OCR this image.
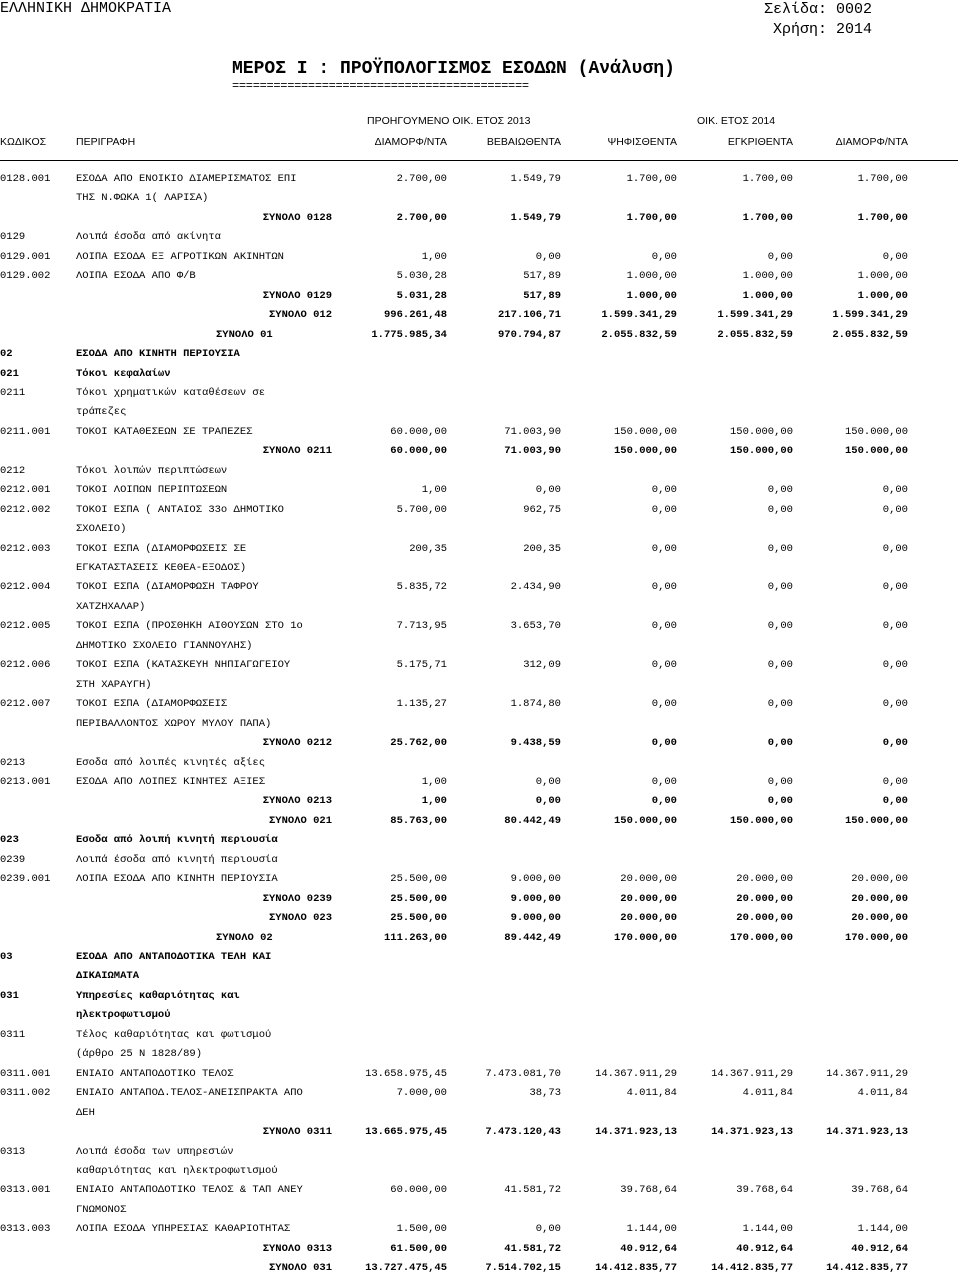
ΕΛΛΗΝΙΚΗ ΔΗΜΟΚΡΑΤΙΑ	Σελίδα: 0002
Χρήση: 2014
ΜΕΡΟΣ Ι : ΠΡΟΫΠΟΛΟΓΙΣΜΟΣ ΕΣΟΔΩΝ (Ανάλυση)
===========================================
ΠΡΟΗΓΟΥΜΕΝΟ ΟΙΚ. ΕΤΟΣ 2013	ΟΙΚ. ΕΤΟΣ 2014
ΚΩΔΙΚΟΣ	ΠΕΡΙΓΡΑΦΗ	ΔΙΑΜΟΡΦ/ΝΤΑ	ΒΕΒΑΙΩΘΕΝΤΑ	ΨΗΦΙΣΘΕΝΤΑ	ΕΓΚΡΙΘΕΝΤΑ	ΔΙΑΜΟΡΦ/ΝΤΑ
0128.001 ΕΣΟΔΑ ΑΠΟ ΕΝΟΙΚΙΟ ΔΙΑΜΕΡΙΣΜΑΤΟΣ ΕΠΙ	2.700,00	1.549,79	1.700,00	1.700,00	1.700,00
ΤΗΣ Ν.ΦΩΚΑ 1( ΛΑΡΙΣΑ)
ΣΥΝΟΛΟ 0128	2.700,00	1.549,79	1.700,00	1.700,00	1.700,00
0129	Λοιπά έσοδα από ακίνητα
0129.001 ΛΟΙΠΑ ΕΣΟΔΑ ΕΞ ΑΓΡΟΤΙΚΩΝ ΑΚΙΝΗΤΩΝ	1,00	0,00	0,00	0,00	0,00
0129.002 ΛΟΙΠΑ ΕΣΟΔΑ ΑΠΟ Φ/Β	5.030,28	517,89	1.000,00	1.000,00	1.000,00
ΣΥΝΟΛΟ 0129	5.031,28	517,89	1.000,00	1.000,00	1.000,00
ΣΥΝΟΛΟ 012	996.261,48	217.106,71	1.599.341,29	1.599.341,29	1.599.341,29
ΣΥΝΟΛΟ 01	1.775.985,34	970.794,87	2.055.832,59	2.055.832,59	2.055.832,59
02	ΕΣΟΔΑ ΑΠΟ ΚΙΝΗΤΗ ΠΕΡΙΟΥΣΙΑ
021	Τόκοι κεφαλαίων
0211	Τόκοι χρηματικών καταθέσεων σε
τράπεζες
0211.001 ΤΟΚΟΙ ΚΑΤΑΘΕΣΕΩΝ ΣΕ ΤΡΑΠΕΖΕΣ	60.000,00	71.003,90	150.000,00	150.000,00	150.000,00
ΣΥΝΟΛΟ 0211	60.000,00	71.003,90	150.000,00	150.000,00	150.000,00
0212	Τόκοι λοιπών περιπτώσεων
0212.001 ΤΟΚΟΙ ΛΟΙΠΩΝ ΠΕΡΙΠΤΩΣΕΩΝ	1,00	0,00	0,00	0,00	0,00
0212.002 ΤΟΚΟΙ ΕΣΠΑ ( ΑΝΤΑΙΟΣ 33ο ΔΗΜΟΤΙΚΟ	5.700,00	962,75	0,00	0,00	0,00
ΣΧΟΛΕΙΟ)
0212.003 ΤΟΚΟΙ ΕΣΠΑ (ΔΙΑΜΟΡΦΩΣΕΙΣ ΣΕ	200,35	200,35	0,00	0,00	0,00
ΕΓΚΑΤΑΣΤΑΣΕΙΣ ΚΕΘΕΑ-ΕΞΟΔΟΣ)
0212.004 ΤΟΚΟΙ ΕΣΠΑ (ΔΙΑΜΟΡΦΩΣΗ ΤΑΦΡΟΥ	5.835,72	2.434,90	0,00	0,00	0,00
ΧΑΤΖΗΧΑΛΑΡ)
0212.005 ΤΟΚΟΙ ΕΣΠΑ (ΠΡΟΣΘΗΚΗ ΑΙΘΟΥΣΩΝ ΣΤΟ 1ο	7.713,95	3.653,70	0,00	0,00	0,00
ΔΗΜΟΤΙΚΟ ΣΧΟΛΕΙΟ ΓΙΑΝΝΟΥΛΗΣ)
0212.006 ΤΟΚΟΙ ΕΣΠΑ (ΚΑΤΑΣΚΕΥΗ ΝΗΠΙΑΓΩΓΕΙΟΥ	5.175,71	312,09	0,00	0,00	0,00
ΣΤΗ ΧΑΡΑΥΓΗ)
0212.007 ΤΟΚΟΙ ΕΣΠΑ (ΔΙΑΜΟΡΦΩΣΕΙΣ	1.135,27	1.874,80	0,00	0,00	0,00
ΠΕΡΙΒΑΛΛΟΝΤΟΣ ΧΩΡΟΥ ΜΥΛΟΥ ΠΑΠΑ)
ΣΥΝΟΛΟ 0212	25.762,00	9.438,59	0,00	0,00	0,00
0213	Εσοδα από λοιπές κινητές αξίες
0213.001 ΕΣΟΔΑ ΑΠΟ ΛΟΙΠΕΣ ΚΙΝΗΤΕΣ ΑΞΙΕΣ	1,00	0,00	0,00	0,00	0,00
ΣΥΝΟΛΟ 0213	1,00	0,00	0,00	0,00	0,00
ΣΥΝΟΛΟ 021	85.763,00	80.442,49	150.000,00	150.000,00	150.000,00
023	Εσοδα από λοιπή κινητή περιουσία
0239	Λοιπά έσοδα από κινητή περιουσία
0239.001 ΛΟΙΠΑ ΕΣΟΔΑ ΑΠΟ ΚΙΝΗΤΗ ΠΕΡΙΟΥΣΙΑ	25.500,00	9.000,00	20.000,00	20.000,00	20.000,00
ΣΥΝΟΛΟ 0239	25.500,00	9.000,00	20.000,00	20.000,00	20.000,00
ΣΥΝΟΛΟ 023	25.500,00	9.000,00	20.000,00	20.000,00	20.000,00
ΣΥΝΟΛΟ 02	111.263,00	89.442,49	170.000,00	170.000,00	170.000,00
03	ΕΣΟΔΑ ΑΠΟ ΑΝΤΑΠΟΔΟΤΙΚΑ ΤΕΛΗ ΚΑΙ
ΔΙΚΑΙΩΜΑΤΑ
031	Υπηρεσίες καθαριότητας και
ηλεκτροφωτισμού
0311	Τέλος καθαριότητας και φωτισμού
(άρθρο 25 Ν 1828/89)
0311.001 ΕΝΙΑΙΟ ΑΝΤΑΠΟΔΟΤΙΚΟ ΤΕΛΟΣ	13.658.975,45	7.473.081,70	14.367.911,29	14.367.911,29	14.367.911,29
0311.002 ΕΝΙΑΙΟ ΑΝΤΑΠΟΔ.ΤΕΛΟΣ-ΑΝΕΙΣΠΡΑΚΤΑ ΑΠΟ	7.000,00	38,73	4.011,84	4.011,84	4.011,84
ΔΕΗ
ΣΥΝΟΛΟ 0311	13.665.975,45	7.473.120,43	14.371.923,13	14.371.923,13	14.371.923,13
0313	Λοιπά έσοδα των υπηρεσιών
καθαριότητας και ηλεκτροφωτισμού
0313.001 ΕΝΙΑΙΟ ΑΝΤΑΠΟΔΟΤΙΚΟ ΤΕΛΟΣ & ΤΑΠ ΑΝΕΥ	60.000,00	41.581,72	39.768,64	39.768,64	39.768,64
ΓΝΩΜΟΝΟΣ
0313.003 ΛΟΙΠΑ ΕΣΟΔΑ ΥΠΗΡΕΣΙΑΣ ΚΑΘΑΡΙΟΤΗΤΑΣ	1.500,00	0,00	1.144,00	1.144,00	1.144,00
ΣΥΝΟΛΟ 0313	61.500,00	41.581,72	40.912,64	40.912,64	40.912,64
ΣΥΝΟΛΟ 031	13.727.475,45	7.514.702,15	14.412.835,77	14.412.835,77	14.412.835,77
